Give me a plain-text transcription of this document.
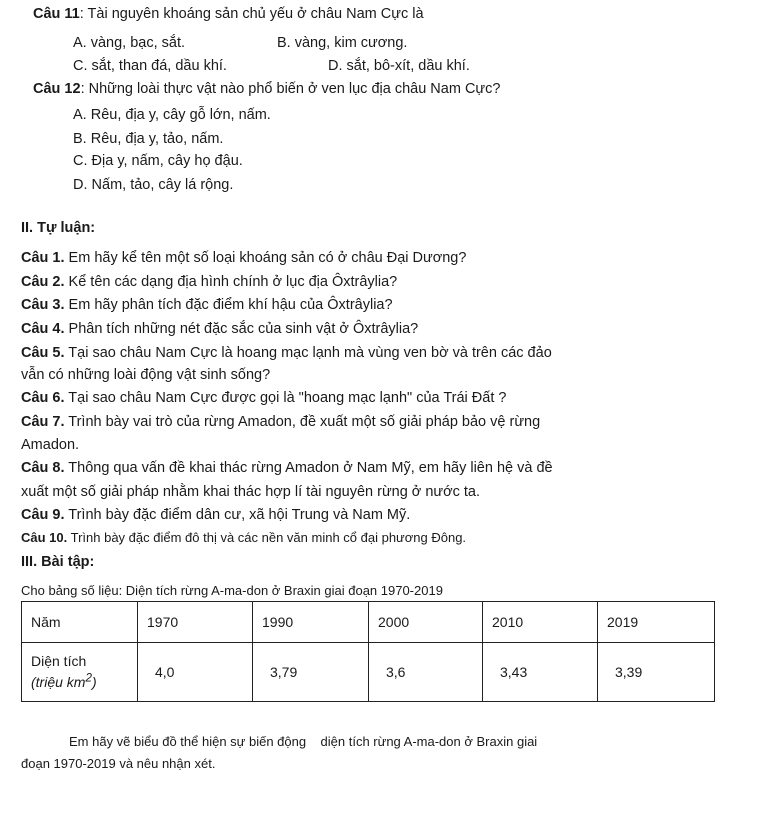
Câu 11: Tài nguyên khoáng sản chủ yếu ở châu Nam Cực là
A. vàng, bạc, sắt.	B. vàng, kim cương.
C. sắt, than đá, dầu khí.	D. sắt, bô-xít, dầu khí.
Câu 12: Những loài thực vật nào phổ biến ở ven lục địa châu Nam Cực?
A. Rêu, địa y, cây gỗ lớn, nấm.
B. Rêu, địa y, tảo, nấm.
C. Địa y, nấm, cây họ đậu.
D. Nấm, tảo, cây lá rộng.
II. Tự luận:
Câu 1. Em hãy kể tên một số loại khoáng sản có ở châu Đại Dương?
Câu 2. Kể tên các dạng địa hình chính ở lục địa Ôxtrâylia?
Câu 3. Em hãy phân tích đặc điểm khí hậu của Ôxtrâylia?
Câu 4. Phân tích những nét đặc sắc của sinh vật ở Ôxtrâylia?
Câu 5. Tại sao châu Nam Cực là hoang mạc lạnh mà vùng ven bờ và trên các đảo
vẫn có những loài động vật sinh sống?
Câu 6. Tại sao châu Nam Cực được gọi là "hoang mạc lạnh" của Trái Đất ?
Câu 7. Trình bày vai trò của rừng Amadon, đề xuất một số giải pháp bảo vệ rừng
Amadon.
Câu 8. Thông qua vấn đề khai thác rừng Amadon ở Nam Mỹ, em hãy liên hệ và đề
xuất một số giải pháp nhằm khai thác hợp lí tài nguyên rừng ở nước ta.
Câu 9. Trình bày đặc điểm dân cư, xã hội Trung và Nam Mỹ.
Câu 10. Trình bày đặc điểm đô thị và các nền văn minh cổ đại phương Đông.
III. Bài tập:
Cho bảng số liệu: Diện tích rừng A-ma-don ở Braxin giai đoạn 1970-2019
Năm	1970	1990	2000	2010	2019
Diện tích
(triệu $km^2$)	4,0	3,79	3,6	3,43	3,39
Em hãy vẽ biểu đồ thể hiện sự biến động    diện tích rừng A-ma-don ở Braxin giai
đoạn 1970-2019 và nêu nhận xét.
